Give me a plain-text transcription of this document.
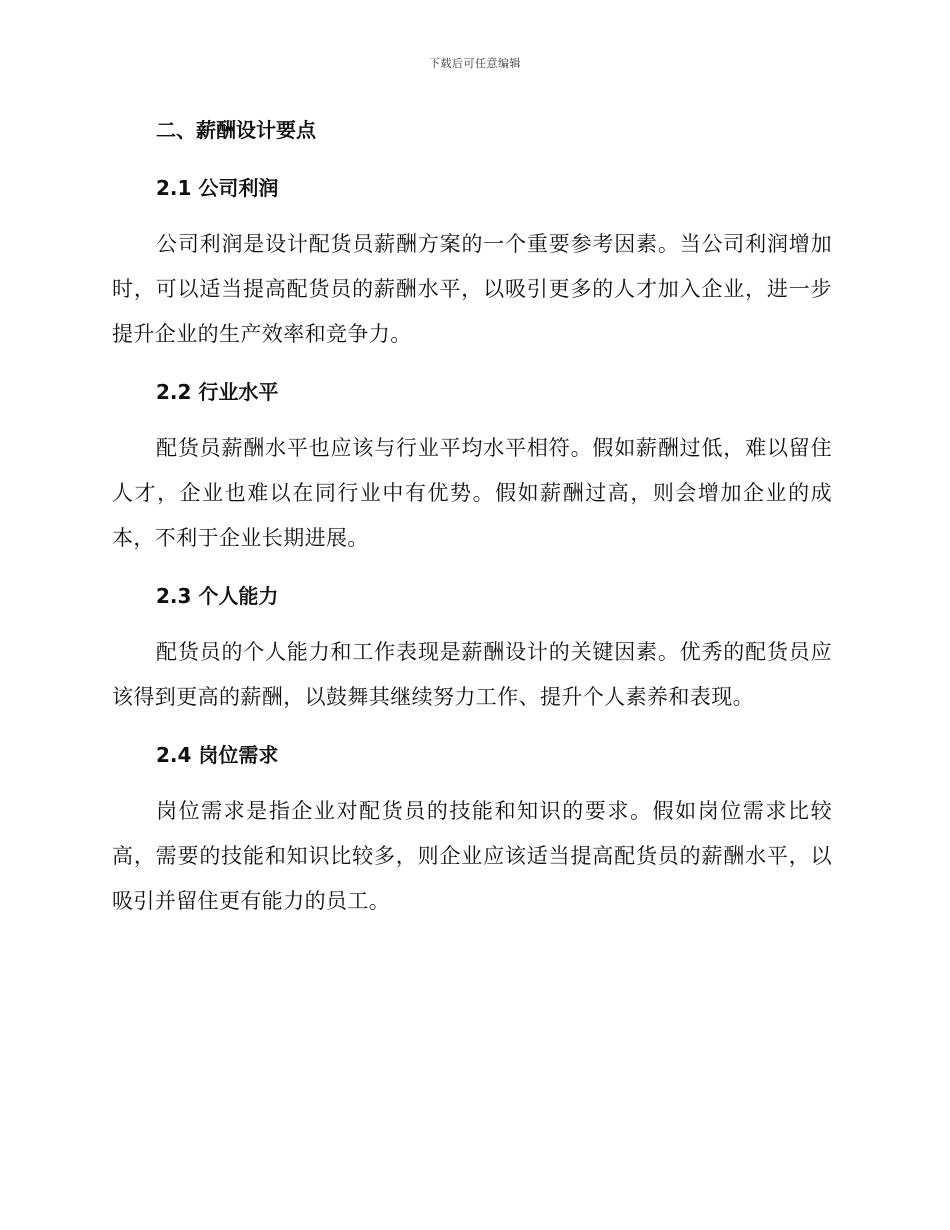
下载后可任意编辑
二、薪酬设计要点
2.1 公司利润

公司利润是设计配货员薪酬方案的一个重要参考因素。当公司利润增加时，可以适当提高配货员的薪酬水平，以吸引更多的人才加入企业，进一步提升企业的生产效率和竞争力。

2.2 行业水平

配货员薪酬水平也应该与行业平均水平相符。假如薪酬过低，难以留住人才，企业也难以在同行业中有优势。假如薪酬过高，则会增加企业的成本，不利于企业长期进展。

2.3 个人能力

配货员的个人能力和工作表现是薪酬设计的关键因素。优秀的配货员应该得到更高的薪酬，以鼓舞其继续努力工作、提升个人素养和表现。

2.4 岗位需求

岗位需求是指企业对配货员的技能和知识的要求。假如岗位需求比较高，需要的技能和知识比较多，则企业应该适当提高配货员的薪酬水平，以吸引并留住更有能力的员工。
